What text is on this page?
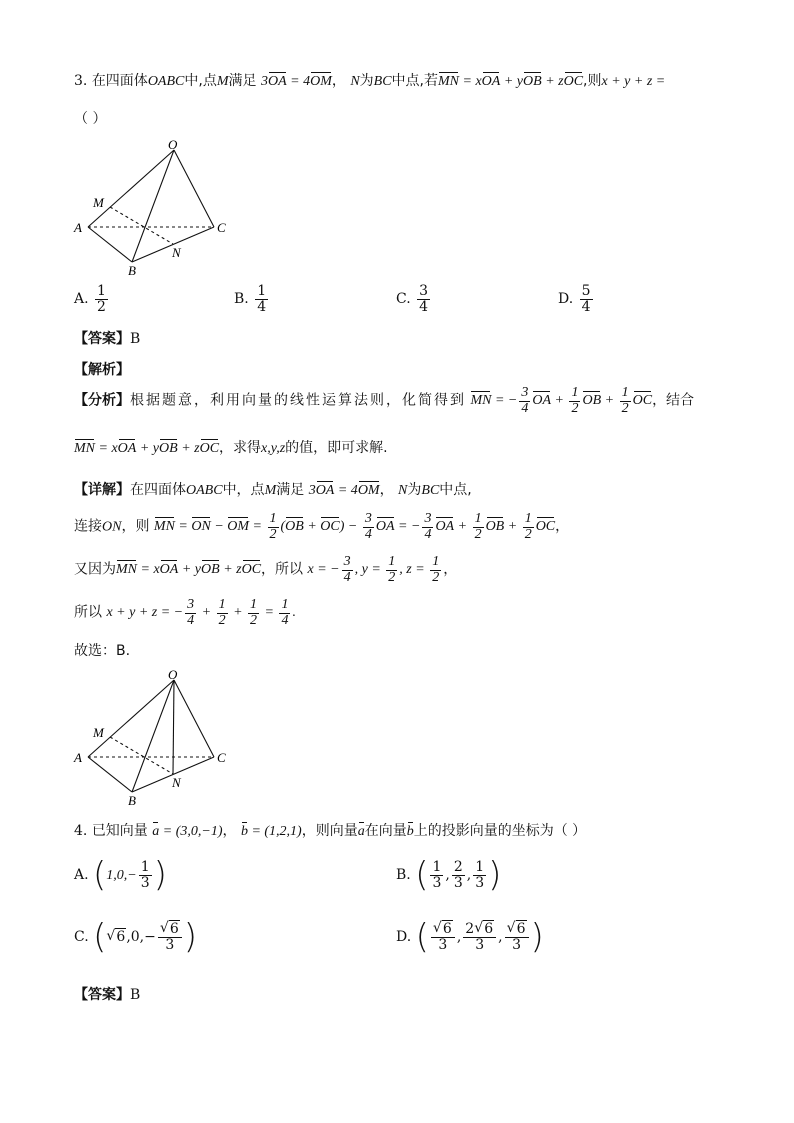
3. 在四面体OABC中,点M满足 3OA = 4OM， N为BC中点,若MN = xOA + yOB + zOC,则x + y + z =
（ ）
O
A
B
C
M
N
A. $\frac{1}{2}$	B. $\frac{1}{4}$	C. $\frac{3}{4}$	D. $\frac{5}{4}$
【答案】B
【解析】
【分析】根据题意，利用向量的线性运算法则，化简得到 MN = − $\frac{3}{4}$ OA + $\frac{1}{2}$ OB + $\frac{1}{2}$ OC，结合
MN = xOA + yOB + zOC，求得x,y,z的值，即可求解.
【详解】在四面体OABC中，点M满足 3OA = 4OM， N为BC中点,
连接ON，则 MN = ON − OM = $\frac{1}{2} (OB + OC) - \frac{3}{4}$ OA = − $\frac{3}{4}$ OA + $\frac{1}{2}$ OB + $\frac{1}{2}$ OC，
又因为MN = xOA + yOB + zOC，所以 x = − $\frac{3}{4}$ , $y = \frac{1}{2}$ , $z = \frac{1}{2}$ ，
所以 x + y + z = − $\frac{3}{4} + \frac{1}{2} + \frac{1}{2} = \frac{1}{4}$ .
故选：B.
O
A
B
C
M
N
4. 已知向量 a = (3,0,−1)， b = (1,2,1)，则向量a在向量b上的投影向量的坐标为（ ）
A. ($1,0,- \frac{1}{3}$ )	B. ( $\frac{1}{3}$ , $\frac{2}{3}$ , $\frac{1}{3}$ )
C. ( √ 6,0,− √ $\frac{6}{3}$ )	D. ( √ $\frac{6}{3}$ , $\frac{2 √ 6}{3}$ , √ $\frac{6}{3}$ )
【答案】B
